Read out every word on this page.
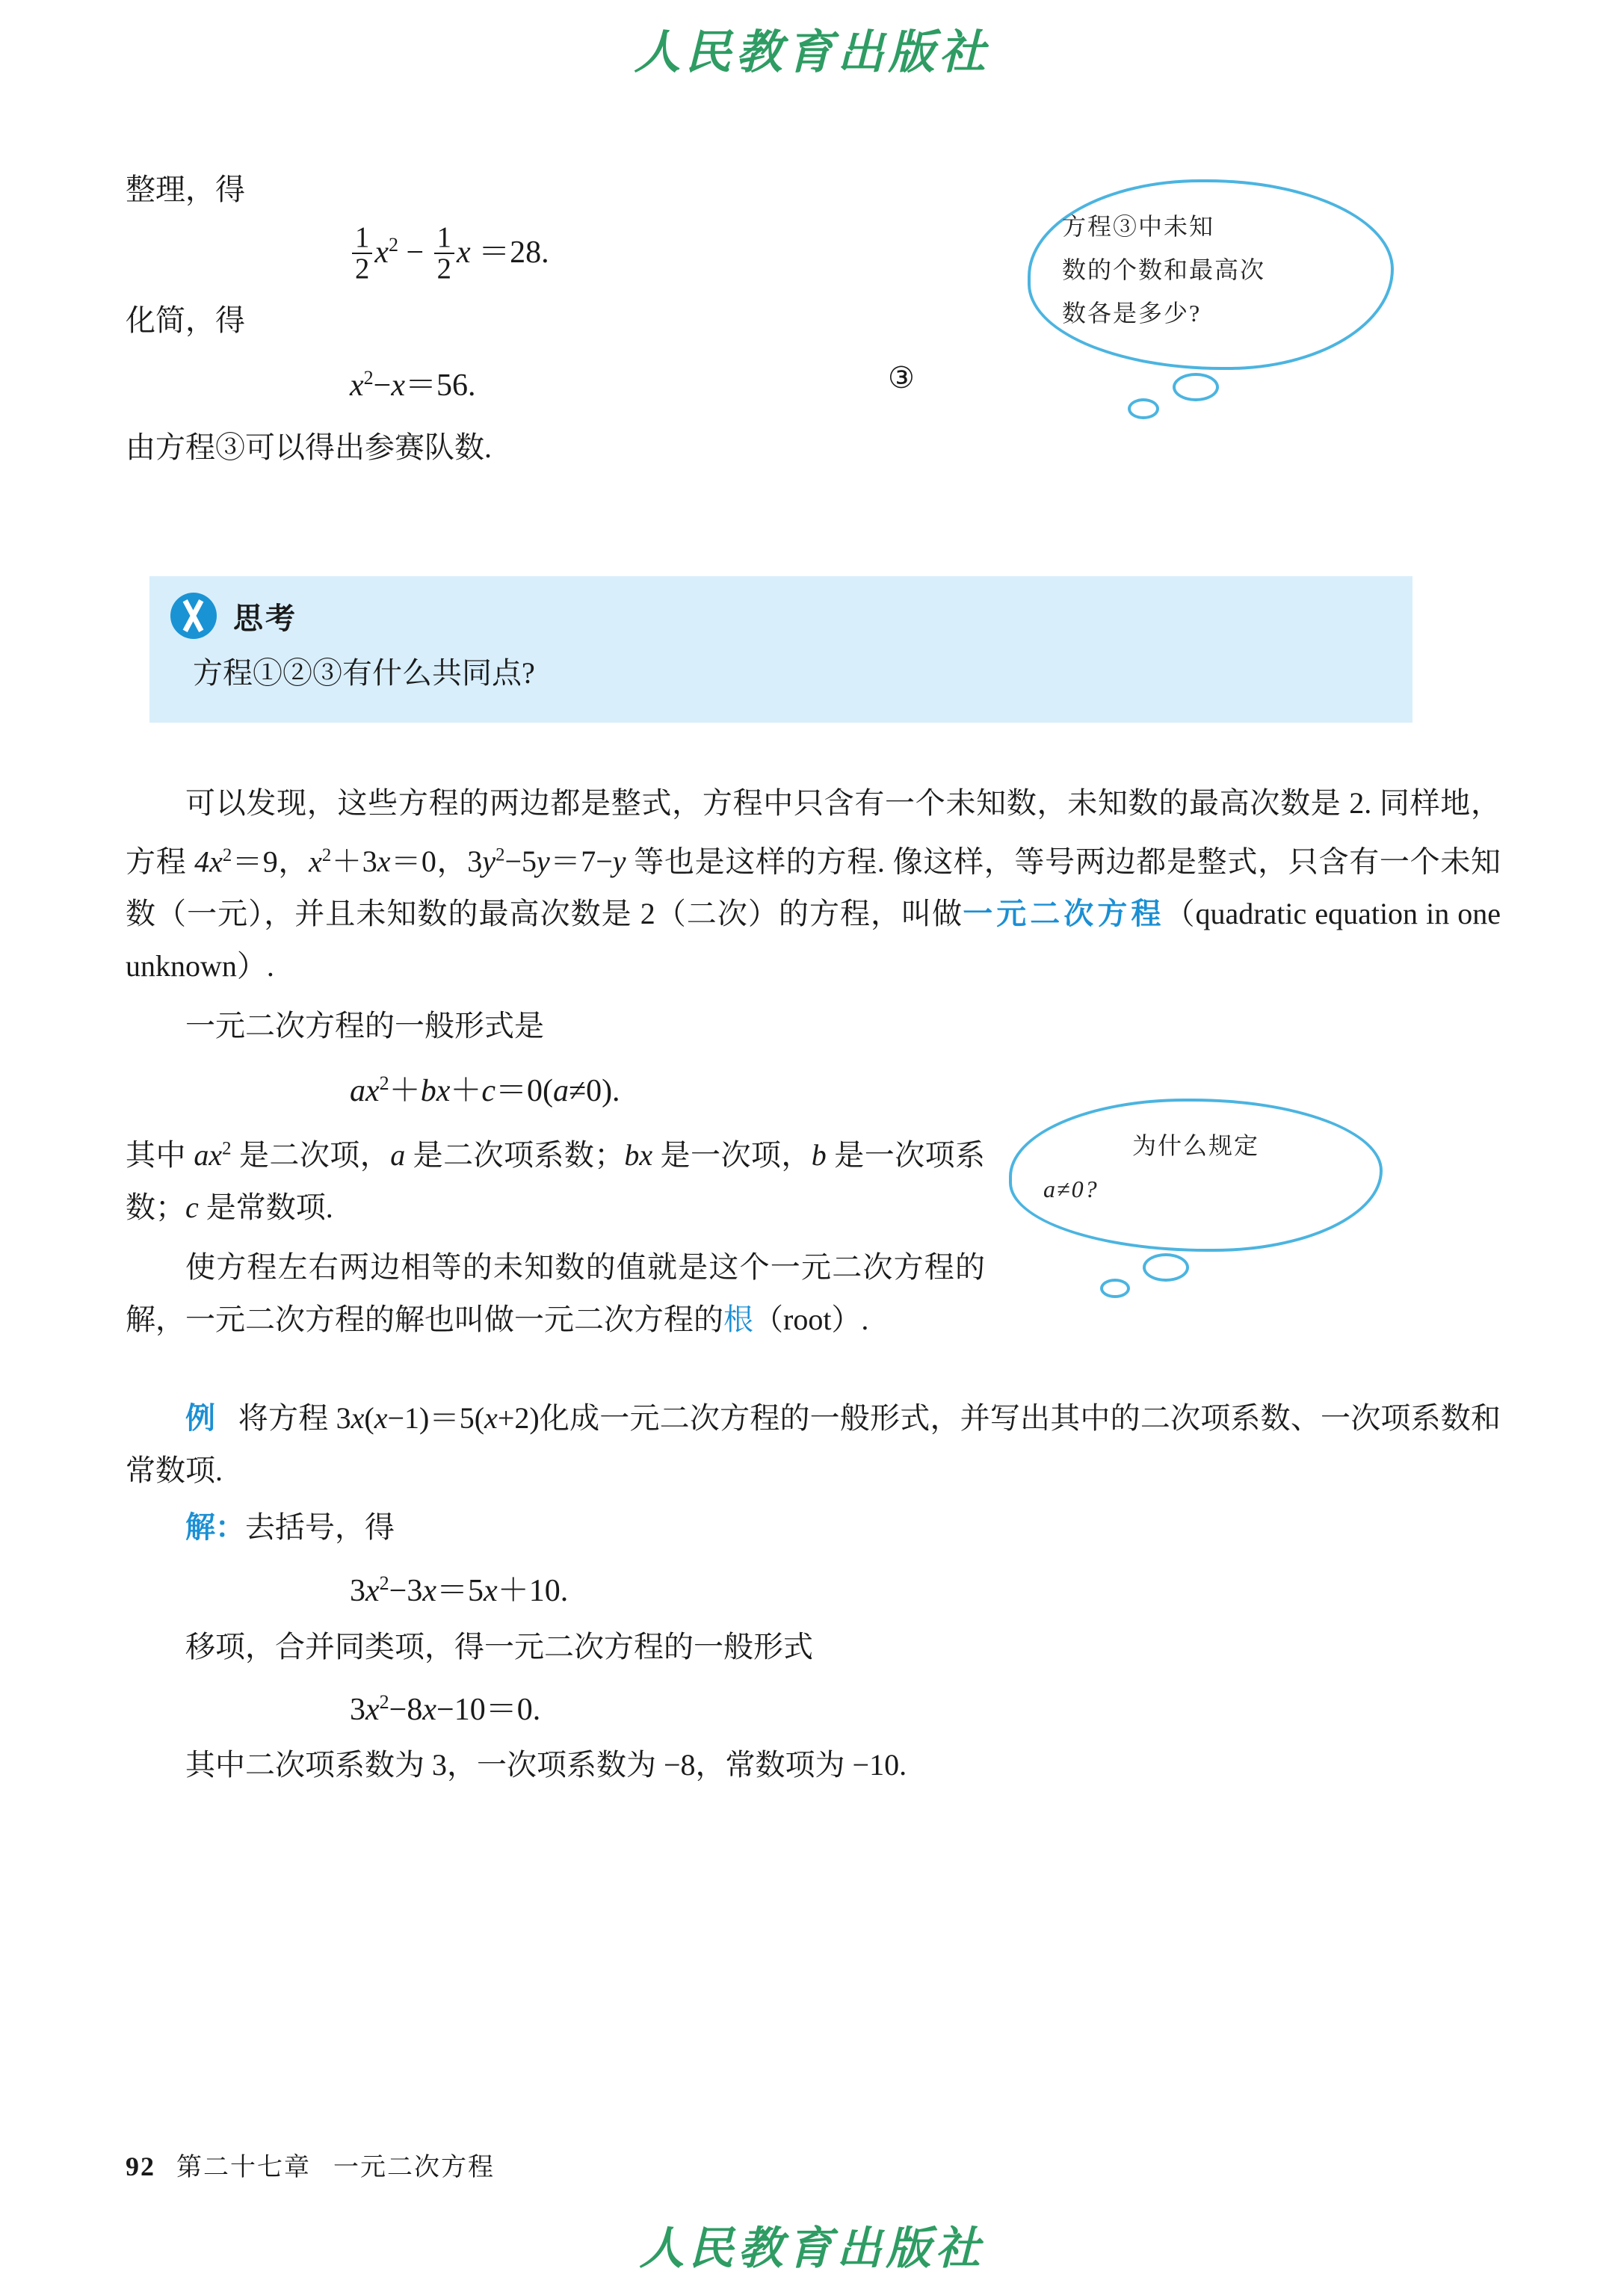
人民教育出版社
方程③中未知
数的个数和最高次
数各是多少?
为什么规定
a≠0?

整理，得

$\frac{1}{2} x^2 - \frac{1}{2}$ x ＝28.

化简，得

$x^2-x=56$.	③

由方程③可以得出参赛队数.

思考
方程①②③有什么共同点?

可以发现，这些方程的两边都是整式，方程中只含有一个未知数，未知数的最高次数是 2. 同样地，方程 $4x^2=9$，$x^2+3x=0$，$3y^2-5y=7-y$ 等也是这样的方程. 像这样，等号两边都是整式，只含有一个未知数（一元），并且未知数的最高次数是 2（二次）的方程，叫做一元二次方程（quadratic equation in one unknown）.

一元二次方程的一般形式是

$ax^2+bx+c=0(a\ne 0)$.

其中 $ax^2$ 是二次项，a 是二次项系数；bx 是一次项，b 是一次项系数；c 是常数项.

使方程左右两边相等的未知数的值就是这个一元二次方程的解，一元二次方程的解也叫做一元二次方程的根（root）.

例   将方程 3x(x−1)＝5(x+2)化成一元二次方程的一般形式，并写出其中的二次项系数、一次项系数和常数项.

解：去括号，得

$3x^2-3x=5x+10$.

移项，合并同类项，得一元二次方程的一般形式

$3x^2-8x-10=0$.

其中二次项系数为 3，一次项系数为 −8，常数项为 −10.

92 第二十七章 一元二次方程
人民教育出版社
